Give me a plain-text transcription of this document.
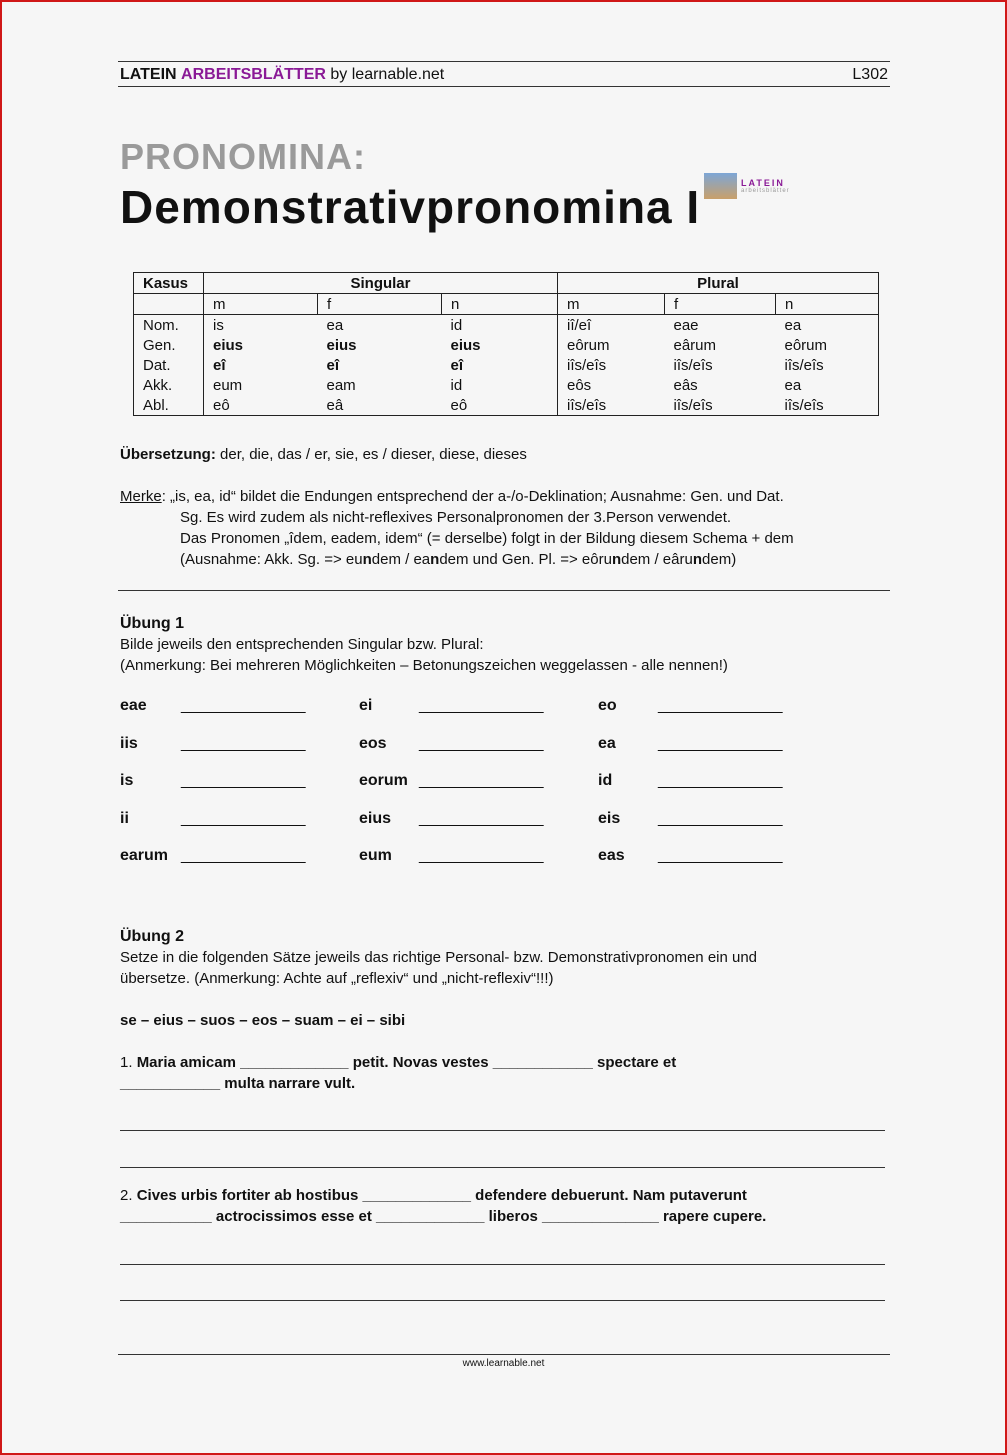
LATEIN ARBEITSBLÄTTER by learnable.net	L302
PRONOMINA:
Demonstrativpronomina I	LATEIN
arbeitsblätter
Kasus	Singular			Plural		
	m	f	n	m	f	n
Nom.	is	ea	id	iî/eî	eae	ea
Gen.	eius	eius	eius	eôrum	eârum	eôrum
Dat.	eî	eî	eî	iîs/eîs	iîs/eîs	iîs/eîs
Akk.	eum	eam	id	eôs	eâs	ea
Abl.	eô	eâ	eô	iîs/eîs	iîs/eîs	iîs/eîs
Übersetzung: der, die, das / er, sie, es / dieser, diese, dieses
Merke: „is, ea, id“ bildet die Endungen entsprechend der a-/o-Deklination; Ausnahme: Gen. und Dat.
Sg. Es wird zudem als nicht-reflexives Personalpronomen der 3.Person verwendet.
Das Pronomen „îdem, eadem, idem“ (= derselbe) folgt in der Bildung diesem Schema + dem
(Ausnahme: Akk. Sg. => eundem / eandem und Gen. Pl. => eôrundem / eârundem)
Übung 1
Bilde jeweils den entsprechenden Singular bzw. Plural:
(Anmerkung: Bei mehreren Möglichkeiten – Betonungszeichen weggelassen - alle nennen!)
eae ______________	ei	______________	eo	______________
iis	______________	eos ______________	ea	______________
is	______________	eorum ______________	id	______________
ii	______________	eius ______________	eis ______________
earum ______________	eum ______________	eas ______________
Übung 2
Setze in die folgenden Sätze jeweils das richtige Personal- bzw. Demonstrativpronomen ein und
übersetze. (Anmerkung: Achte auf „reflexiv“ und „nicht-reflexiv“!!!)
se – eius – suos – eos – suam – ei – sibi
1. Maria amicam _____________ petit. Novas vestes ____________ spectare et
____________ multa narrare vult.
2. Cives urbis fortiter ab hostibus _____________ defendere debuerunt. Nam putaverunt
___________ actrocissimos esse et _____________ liberos ______________ rapere cupere.
www.learnable.net
